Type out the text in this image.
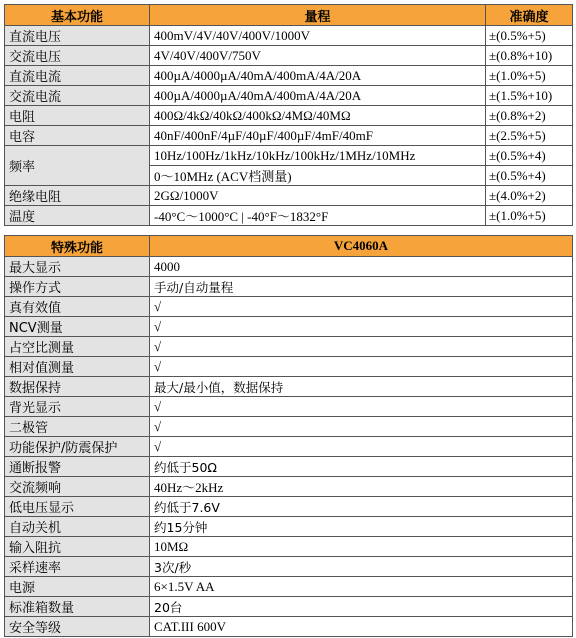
基本功能	量程	准确度
直流电压	400mV/4V/40V/400V/1000V	±(0.5%+5)
交流电压	4V/40V/400V/750V	±(0.8%+10)
直流电流	400µA/4000µA/40mA/400mA/4A/20A	±(1.0%+5)
交流电流	400µA/4000µA/40mA/400mA/4A/20A	±(1.5%+10)
电阻	400Ω/4kΩ/40kΩ/400kΩ/4MΩ/40MΩ	±(0.8%+2)
电容	40nF/400nF/4µF/40µF/400µF/4mF/40mF	±(2.5%+5)
频率	10Hz/100Hz/1kHz/10kHz/100kHz/1MHz/10MHz	±(0.5%+4)
	0～10MHz (ACV档测量)	±(0.5%+4)
绝缘电阻	2GΩ/1000V	±(4.0%+2)
温度	-40°C～1000°C | -40°F～1832°F	±(1.0%+5)
特殊功能	VC4060A
最大显示	4000
操作方式	手动/自动量程
真有效值	√
NCV测量	√
占空比测量	√
相对值测量	√
数据保持	最大/最小值，数据保持
背光显示	√
二极管	√
功能保护/防震保护	√
通断报警	约低于50Ω
交流频响	40Hz～2kHz
低电压显示	约低于7.6V
自动关机	约15分钟
输入阻抗	10MΩ
采样速率	3次/秒
电源	6×1.5V AA
标准箱数量	20台
安全等级	CAT.III 600V
